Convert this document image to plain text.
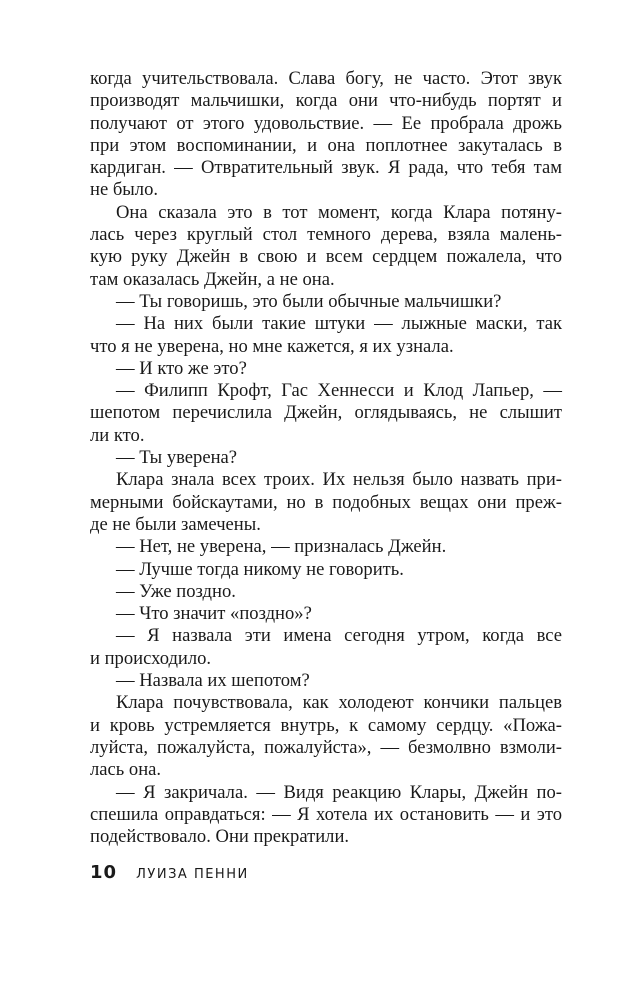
когда учительствовала. Слава богу, не часто. Этот звук
производят мальчишки, когда они что-нибудь портят и
получают от этого удовольствие. — Ее пробрала дрожь
при этом воспоминании, и она поплотнее закуталась в
кардиган. — Отвратительный звук. Я рада, что тебя там
не было.
Она сказала это в тот момент, когда Клара потяну-
лась через круглый стол темного дерева, взяла малень-
кую руку Джейн в свою и всем сердцем пожалела, что
там оказалась Джейн, а не она.
— Ты говоришь, это были обычные мальчишки?
— На них были такие штуки — лыжные маски, так
что я не уверена, но мне кажется, я их узнала.
— И кто же это?
— Филипп Крофт, Гас Хеннесси и Клод Лапьер, —
шепотом перечислила Джейн, оглядываясь, не слышит
ли кто.
— Ты уверена?
Клара знала всех троих. Их нельзя было назвать при-
мерными бойскаутами, но в подобных вещах они преж-
де не были замечены.
— Нет, не уверена, — призналась Джейн.
— Лучше тогда никому не говорить.
— Уже поздно.
— Что значит «поздно»?
— Я назвала эти имена сегодня утром, когда все
и происходило.
— Назвала их шепотом?
Клара почувствовала, как холодеют кончики пальцев
и кровь устремляется внутрь, к самому сердцу. «Пожа-
луйста, пожалуйста, пожалуйста», — безмолвно взмоли-
лась она.
— Я закричала. — Видя реакцию Клары, Джейн по-
спешила оправдаться: — Я хотела их остановить — и это
подействовало. Они прекратили.
10 ЛУИЗА ПЕННИ
